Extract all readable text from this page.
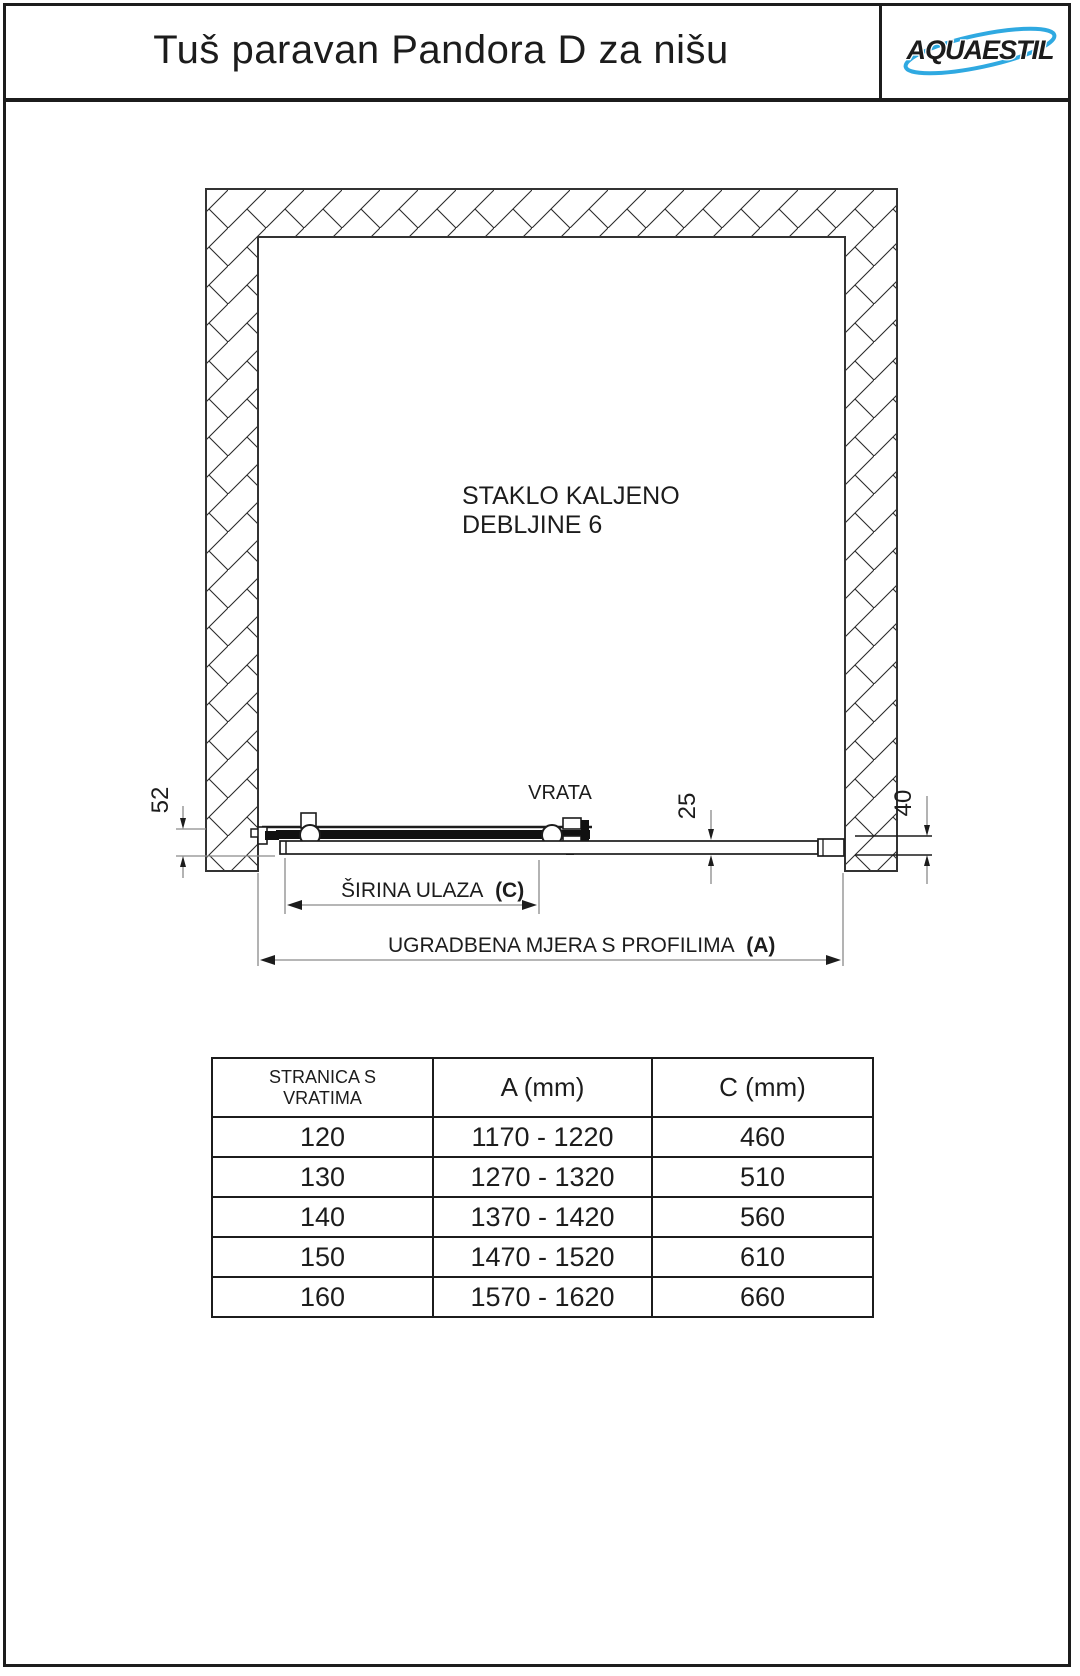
Tuš paravan Pandora D za nišu	AQUAESTIL
STAKLO KALJENO
DEBLJINE 6
VRATA
52	25	40
ŠIRINA ULAZA (C)
UGRADBENA MJERA S PROFILIMA (A)
STRANICA S
VRATIMA	A (mm)	C (mm)
120	1170 - 1220	460
130	1270 - 1320	510
140	1370 - 1420	560
150	1470 - 1520	610
160	1570 - 1620	660
